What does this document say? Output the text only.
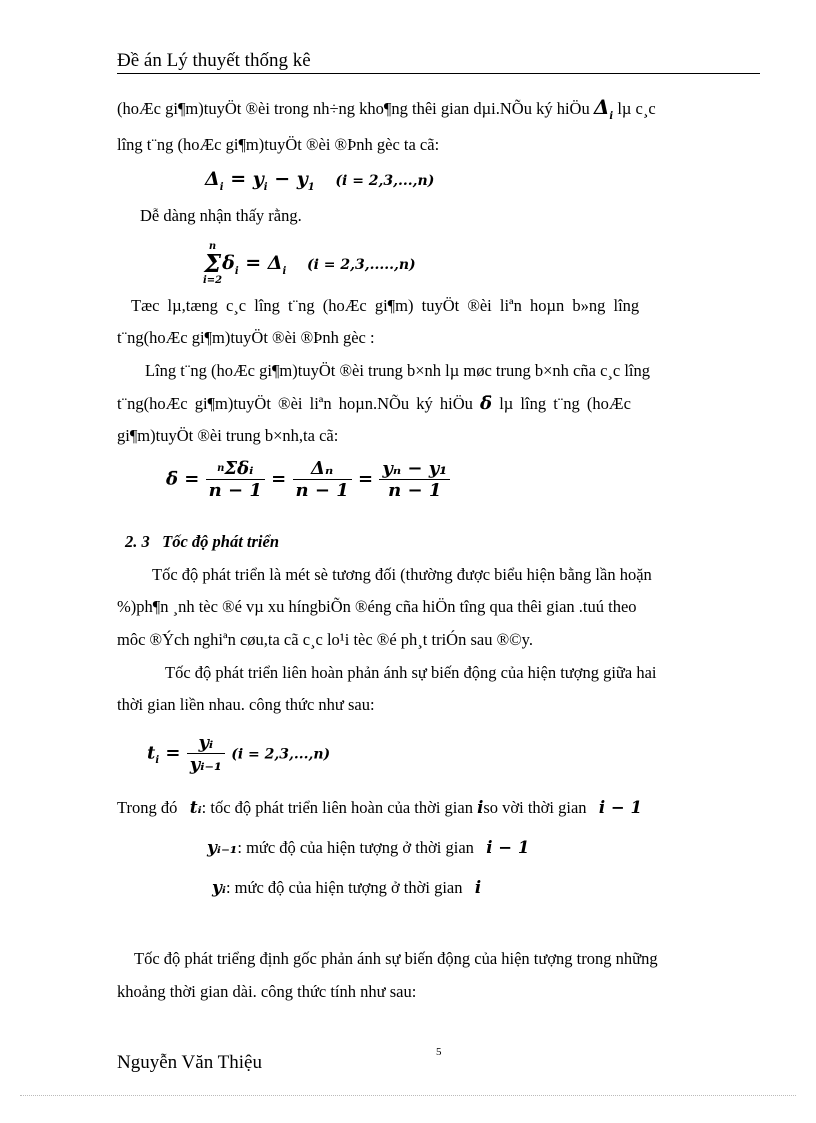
Đề án Lý thuyết thống kê
(hoÆc gi¶m)tuyÖt ®èi trong nh÷ng kho¶ng thêi gian dµi.NÕu ký hiÖu $\Delta_i$ lµ c¸c
lîng t¨ng (hoÆc gi¶m)tuyÖt ®èi ®Þnh gèc ta cã:
$\Delta_i = y_i - y_1$ (i = 2,3,...,n)
Dễ dàng nhận thấy rằng.
n
Σ
i=2
$\delta_i = \Delta_i$ (i = 2,3,.....,n)
Tæc lµ,tæng c¸c lîng t¨ng (hoÆc gi¶m) tuyÖt ®èi liªn hoµn b»ng lîng
t¨ng(hoÆc gi¶m)tuyÖt ®èi ®Þnh gèc :
Lîng t¨ng (hoÆc gi¶m)tuyÖt ®èi trung b×nh lµ møc trung b×nh cña c¸c lîng
t¨ng(hoÆc gi¶m)tuyÖt ®èi liªn hoµn.NÕu ký hiÖu δ̄ lµ lîng t¨ng (hoÆc
gi¶m)tuyÖt ®èi trung b×nh,ta cã:
δ̄ = $\frac{\text{n Σδᵢ}}{n - 1} = \frac{\text{Δₙ}}{n - 1} = \frac{\text{yₙ − y₁}}{n - 1}$
2. 3 Tốc độ phát triển
Tốc độ phát triển là mét sè tương đối (thường được biểu hiện bằng lần hoặn
%)ph¶n ¸nh tèc ®é vµ xu híngbiÕn ®éng cña hiÖn tîng qua thêi gian .tuú theo
môc ®Ých nghiªn cøu,ta cã c¸c lo¹i tèc ®é ph¸t triÓn sau ®©y.
Tốc độ phát triển liên hoàn phản ánh sự biến động của hiện tượng giữa hai
thời gian liền nhau. công thức như sau:
$t_i = \frac{\text{yᵢ}}{\text{yᵢ₋₁}} (i = 2,3,...,n)$
Trong đó tᵢ: tốc độ phát triển liên hoàn của thời gian iso vời thời gian i − 1
yᵢ₋₁: mức độ của hiện tượng ở thời gian i − 1
yᵢ: mức độ của hiện tượng ở thời gian i
Tốc độ phát triểng định gốc phản ánh sự biến động của hiện tượng trong những
khoảng thời gian dài. công thức tính như sau:
Nguyễn Văn Thiệu	5
